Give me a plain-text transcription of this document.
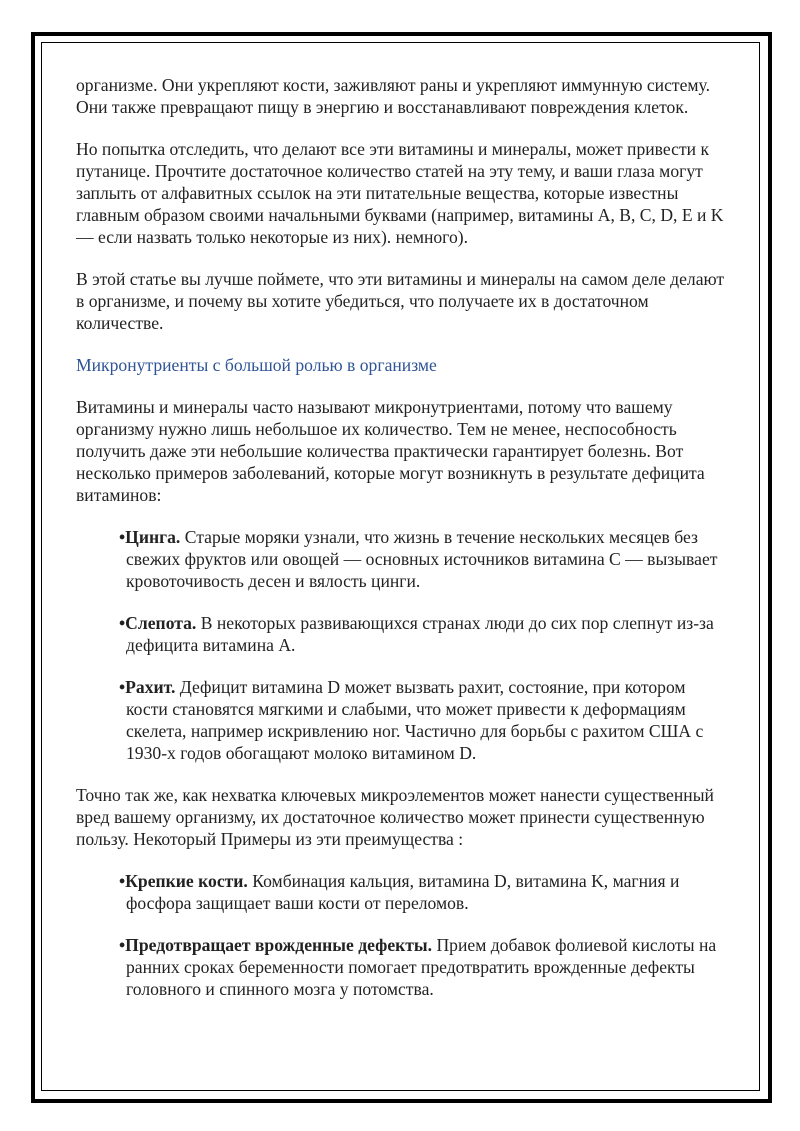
организме. Они укрепляют кости, заживляют раны и укрепляют иммунную систему. Они также превращают пищу в энергию и восстанавливают повреждения клеток.

Но попытка отследить, что делают все эти витамины и минералы, может привести к путанице. Прочтите достаточное количество статей на эту тему, и ваши глаза могут заплыть от алфавитных ссылок на эти питательные вещества, которые известны главным образом своими начальными буквами (например, витамины A, B, C, D, E и K — если назвать только некоторые из них). немного).

В этой статье вы лучше поймете, что эти витамины и минералы на самом деле делают в организме, и почему вы хотите убедиться, что получаете их в достаточном количестве.

Микронутриенты с большой ролью в организме

Витамины и минералы часто называют микронутриентами, потому что вашему организму нужно лишь небольшое их количество. Тем не менее, неспособность получить даже эти небольшие количества практически гарантирует болезнь. Вот несколько примеров заболеваний, которые могут возникнуть в результате дефицита витаминов:

•Цинга. Старые моряки узнали, что жизнь в течение нескольких месяцев без свежих фруктов или овощей — основных источников витамина C — вызывает кровоточивость десен и вялость цинги.
•Слепота. В некоторых развивающихся странах люди до сих пор слепнут из-за дефицита витамина А.
•Рахит. Дефицит витамина D может вызвать рахит, состояние, при котором кости становятся мягкими и слабыми, что может привести к деформациям скелета, например искривлению ног. Частично для борьбы с рахитом США с 1930-х годов обогащают молоко витамином D.

Точно так же, как нехватка ключевых микроэлементов может нанести существенный вред вашему организму, их достаточное количество может принести существенную пользу. Некоторый Примеры из эти преимущества :

•Крепкие кости. Комбинация кальция, витамина D, витамина K, магния и фосфора защищает ваши кости от переломов.
•Предотвращает врожденные дефекты. Прием добавок фолиевой кислоты на ранних сроках беременности помогает предотвратить врожденные дефекты головного и спинного мозга у потомства.
